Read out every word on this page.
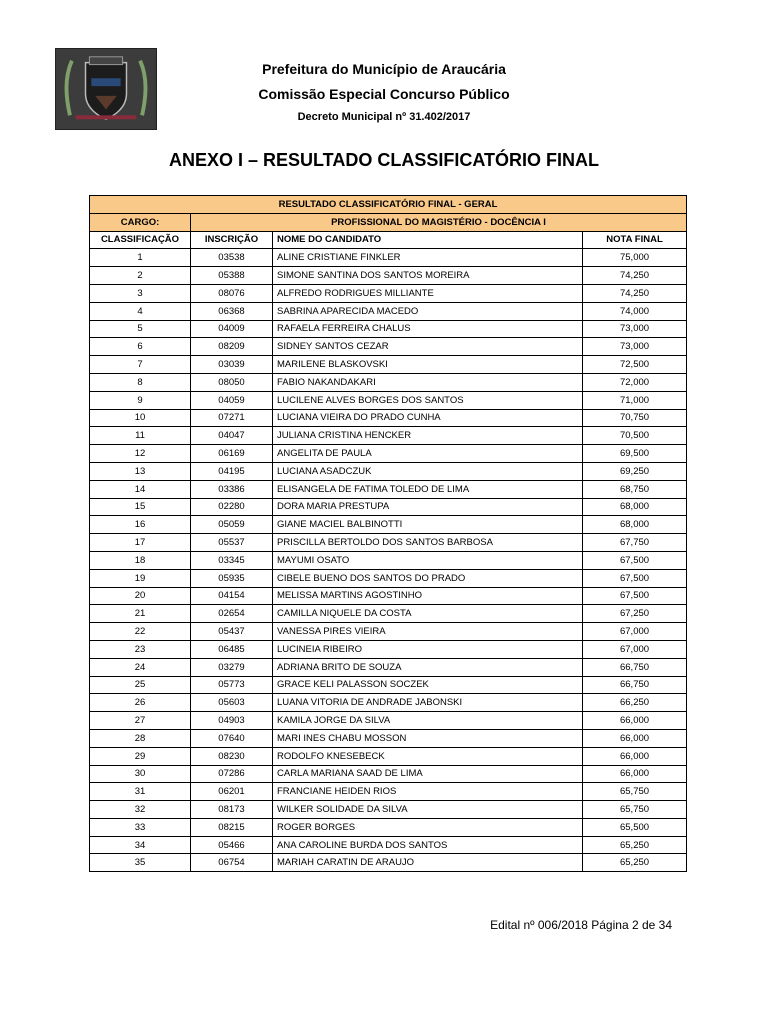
Prefeitura do Município de Araucária
Comissão Especial Concurso Público
Decreto Municipal nº 31.402/2017
ANEXO I – RESULTADO CLASSIFICATÓRIO FINAL
RESULTADO CLASSIFICATÓRIO FINAL - GERAL			
CARGO:	PROFISSIONAL DO MAGISTÉRIO - DOCÊNCIA I		
CLASSIFICAÇÃO	INSCRIÇÃO	NOME DO CANDIDATO	NOTA FINAL
1	03538	ALINE CRISTIANE FINKLER	75,000
2	05388	SIMONE SANTINA DOS SANTOS MOREIRA	74,250
3	08076	ALFREDO RODRIGUES MILLIANTE	74,250
4	06368	SABRINA APARECIDA MACEDO	74,000
5	04009	RAFAELA FERREIRA CHALUS	73,000
6	08209	SIDNEY SANTOS CEZAR	73,000
7	03039	MARILENE BLASKOVSKI	72,500
8	08050	FABIO NAKANDAKARI	72,000
9	04059	LUCILENE ALVES BORGES DOS SANTOS	71,000
10	07271	LUCIANA VIEIRA DO PRADO CUNHA	70,750
11	04047	JULIANA CRISTINA HENCKER	70,500
12	06169	ANGELITA DE PAULA	69,500
13	04195	LUCIANA ASADCZUK	69,250
14	03386	ELISANGELA DE FATIMA TOLEDO DE LIMA	68,750
15	02280	DORA MARIA PRESTUPA	68,000
16	05059	GIANE MACIEL BALBINOTTI	68,000
17	05537	PRISCILLA BERTOLDO DOS SANTOS BARBOSA	67,750
18	03345	MAYUMI OSATO	67,500
19	05935	CIBELE BUENO DOS SANTOS DO PRADO	67,500
20	04154	MELISSA MARTINS AGOSTINHO	67,500
21	02654	CAMILLA NIQUELE DA COSTA	67,250
22	05437	VANESSA PIRES VIEIRA	67,000
23	06485	LUCINEIA RIBEIRO	67,000
24	03279	ADRIANA BRITO DE SOUZA	66,750
25	05773	GRACE KELI PALASSON SOCZEK	66,750
26	05603	LUANA VITORIA DE ANDRADE JABONSKI	66,250
27	04903	KAMILA JORGE DA SILVA	66,000
28	07640	MARI INES CHABU MOSSON	66,000
29	08230	RODOLFO KNESEBECK	66,000
30	07286	CARLA MARIANA SAAD DE LIMA	66,000
31	06201	FRANCIANE HEIDEN RIOS	65,750
32	08173	WILKER SOLIDADE DA SILVA	65,750
33	08215	ROGER BORGES	65,500
34	05466	ANA CAROLINE BURDA DOS SANTOS	65,250
35	06754	MARIAH CARATIN DE ARAUJO	65,250
Edital nº 006/2018 Página 2 de 34
